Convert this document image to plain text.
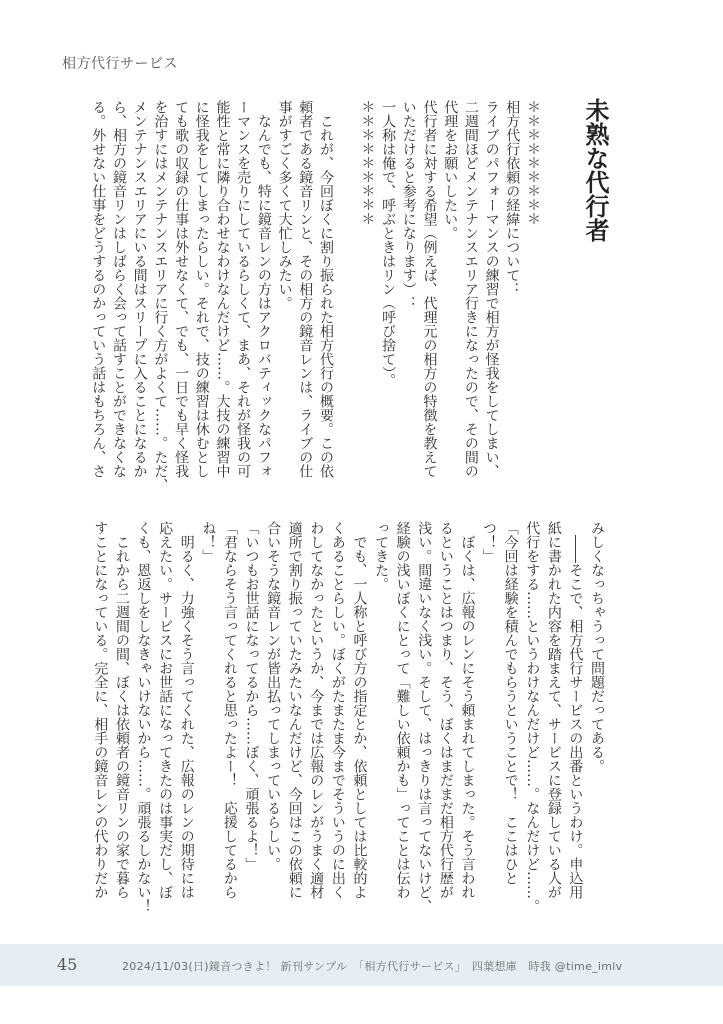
相方代行サービス
未熟な代行者
＊＊＊＊＊＊＊＊＊
相方代行依頼の経緯について：
ライブのパフォーマンスの練習で相方が怪我をしてしまい、
二週間ほどメンテナンスエリア行きになったので、その間の
代理をお願いしたい。
代行者に対する希望（例えば、代理元の相方の特徴を教えて
いただけると参考になります）：
一人称は俺で、呼ぶときはリン（呼び捨て）。
＊＊＊＊＊＊＊＊＊
　これが、今回ぼくに割り振られた相方代行の概要。この依
頼者である鏡音リンと、その相方の鏡音レンは、ライブの仕
事がすごく多くて大忙しみたい。
　なんでも、特に鏡音レンの方はアクロバティックなパフォ
ーマンスを売りにしているらしくて、まあ、それが怪我の可
能性と常に隣り合わせなわけなんだけど……。大技の練習中
に怪我をしてしまったらしい。それで、技の練習は休むとし
ても歌の収録の仕事は外せなくて、でも、一日でも早く怪我
を治すにはメンテナンスエリアに行く方がよくて……。ただ、
メンテナンスエリアにいる間はスリープに入ることになるか
ら、相方の鏡音リンはしばらく会って話すことができなくな
る。外せない仕事をどうするのかっていう話はもちろん、さ
みしくなっちゃうって問題だってある。
　――そこで、相方代行サービスの出番というわけ。申込用
紙に書かれた内容を踏まえて、サービスに登録している人が
代行をする……というわけなんだけど……。なんだけど……。
「今回は経験を積んでもらうということで！　ここはひと
つ！」
　ぼくは、広報のレンにそう頼まれてしまった。そう言われ
るということはつまり、そう、ぼくはまだまだ相方代行歴が
浅い。間違いなく浅い。そして、はっきりは言ってないけど、
経験の浅いぼくにとって「難しい依頼かも」ってことは伝わ
ってきた。
　でも、一人称と呼び方の指定とか、依頼としては比較的よ
くあることらしい。ぼくがたまたま今までそういうのに出く
わしてなかったというか、今までは広報のレンがうまく適材
適所で割り振っていたみたいなんだけど、今回はこの依頼に
合いそうな鏡音レンが皆出払ってしまっているらしい。
「いつもお世話になってるから……ぼく、頑張るよ！」
「君ならそう言ってくれると思ったよー！　応援してるから
ね！」
　明るく、力強くそう言ってくれた、広報のレンの期待には
応えたい。サービスにお世話になってきたのは事実だし、ぼ
くも、恩返しをしなきゃいけないから……。頑張るしかない！
　これから二週間の間、ぼくは依頼者の鏡音リンの家で暮ら
すことになっている。完全に、相手の鏡音レンの代わりだか
45	2024/11/03(日)鏡音つきよ！ 新刊サンプル　「相方代行サービス」　四葉想庫　時我 @time_imlv
